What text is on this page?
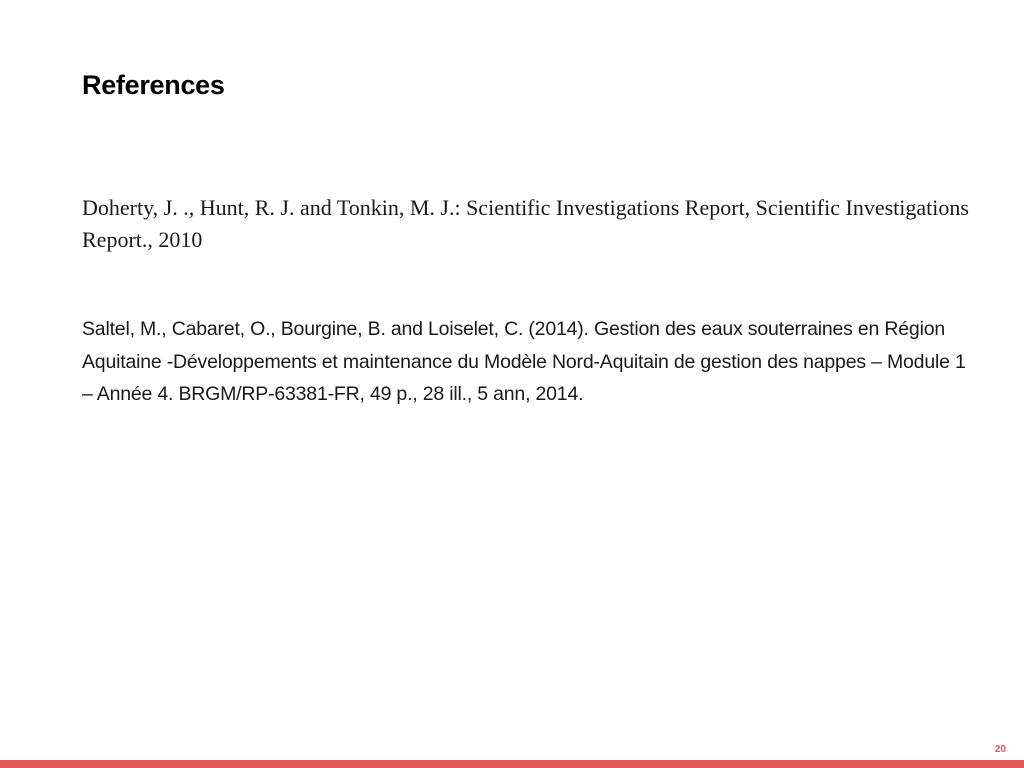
References

Doherty, J. ., Hunt, R. J. and Tonkin, M. J.: Scientific Investigations Report, Scientific Investigations Report., 2010

Saltel, M., Cabaret, O., Bourgine, B. and Loiselet, C. (2014). Gestion des eaux souterraines en Région Aquitaine -Développements et maintenance du Modèle Nord-Aquitain de gestion des nappes – Module 1 – Année 4. BRGM/RP-63381-FR, 49 p., 28 ill., 5 ann, 2014.

20
